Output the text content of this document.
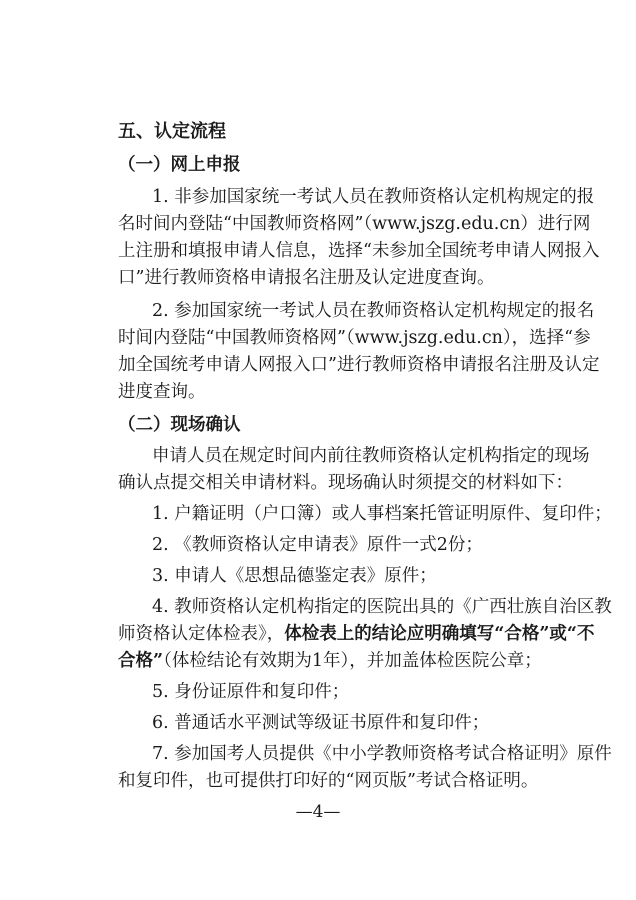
五、认定流程
（一）网上申报
1. 非参加国家统一考试人员在教师资格认定机构规定的报
名时间内登陆“中国教师资格网”（www.jszg.edu.cn）进行网
上注册和填报申请人信息，选择“未参加全国统考申请人网报入
口”进行教师资格申请报名注册及认定进度查询。
2. 参加国家统一考试人员在教师资格认定机构规定的报名
时间内登陆“中国教师资格网”（www.jszg.edu.cn），选择“参
加全国统考申请人网报入口”进行教师资格申请报名注册及认定
进度查询。
（二）现场确认
申请人员在规定时间内前往教师资格认定机构指定的现场
确认点提交相关申请材料。现场确认时须提交的材料如下：
1. 户籍证明（户口簿）或人事档案托管证明原件、复印件；
2. 《教师资格认定申请表》原件一式2份；
3. 申请人《思想品德鉴定表》原件；
4. 教师资格认定机构指定的医院出具的《广西壮族自治区教
师资格认定体检表》，体检表上的结论应明确填写“合格”或“不
合格”（体检结论有效期为1年），并加盖体检医院公章；
5. 身份证原件和复印件；
6. 普通话水平测试等级证书原件和复印件；
7. 参加国考人员提供《中小学教师资格考试合格证明》原件
和复印件，也可提供打印好的“网页版”考试合格证明。
—4—
